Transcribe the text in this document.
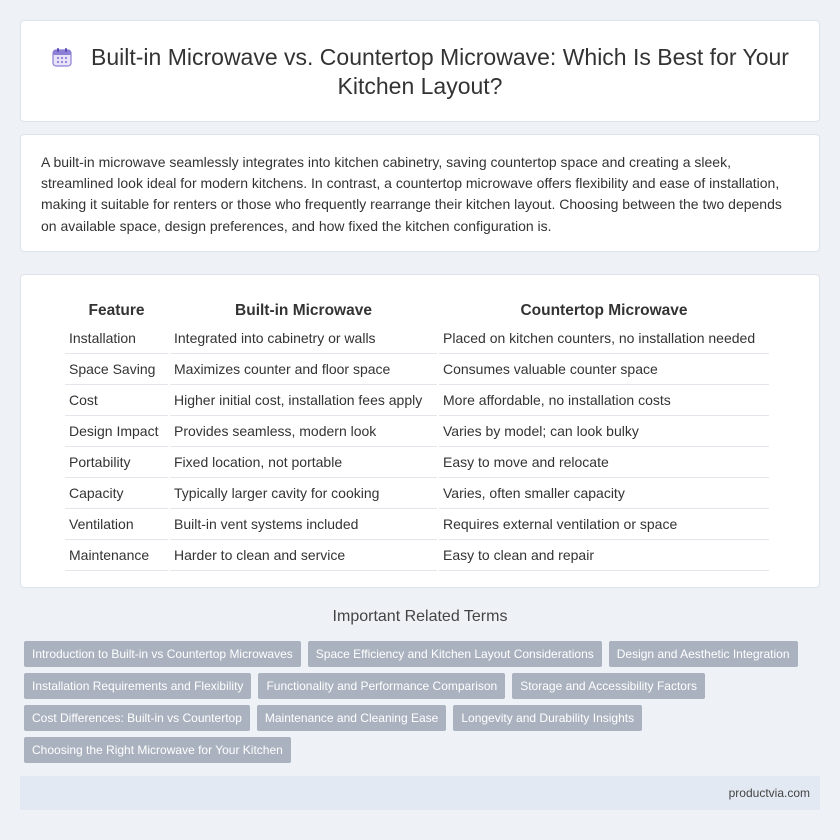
Built-in Microwave vs. Countertop Microwave: Which Is Best for Your Kitchen Layout?

A built-in microwave seamlessly integrates into kitchen cabinetry, saving countertop space and creating a sleek, streamlined look ideal for modern kitchens. In contrast, a countertop microwave offers flexibility and ease of installation, making it suitable for renters or those who frequently rearrange their kitchen layout. Choosing between the two depends on available space, design preferences, and how fixed the kitchen configuration is.

Feature	Built-in Microwave	Countertop Microwave
Installation	Integrated into cabinetry or walls	Placed on kitchen counters, no installation needed
Space Saving	Maximizes counter and floor space	Consumes valuable counter space
Cost	Higher initial cost, installation fees apply	More affordable, no installation costs
Design Impact	Provides seamless, modern look	Varies by model; can look bulky
Portability	Fixed location, not portable	Easy to move and relocate
Capacity	Typically larger cavity for cooking	Varies, often smaller capacity
Ventilation	Built-in vent systems included	Requires external ventilation or space
Maintenance	Harder to clean and service	Easy to clean and repair
Important Related Terms
Introduction to Built-in vs Countertop Microwaves	Space Efficiency and Kitchen Layout Considerations	Design and Aesthetic Integration
Installation Requirements and Flexibility	Functionality and Performance Comparison	Storage and Accessibility Factors
Cost Differences: Built-in vs Countertop	Maintenance and Cleaning Ease	Longevity and Durability Insights
Choosing the Right Microwave for Your Kitchen
productvia.com
